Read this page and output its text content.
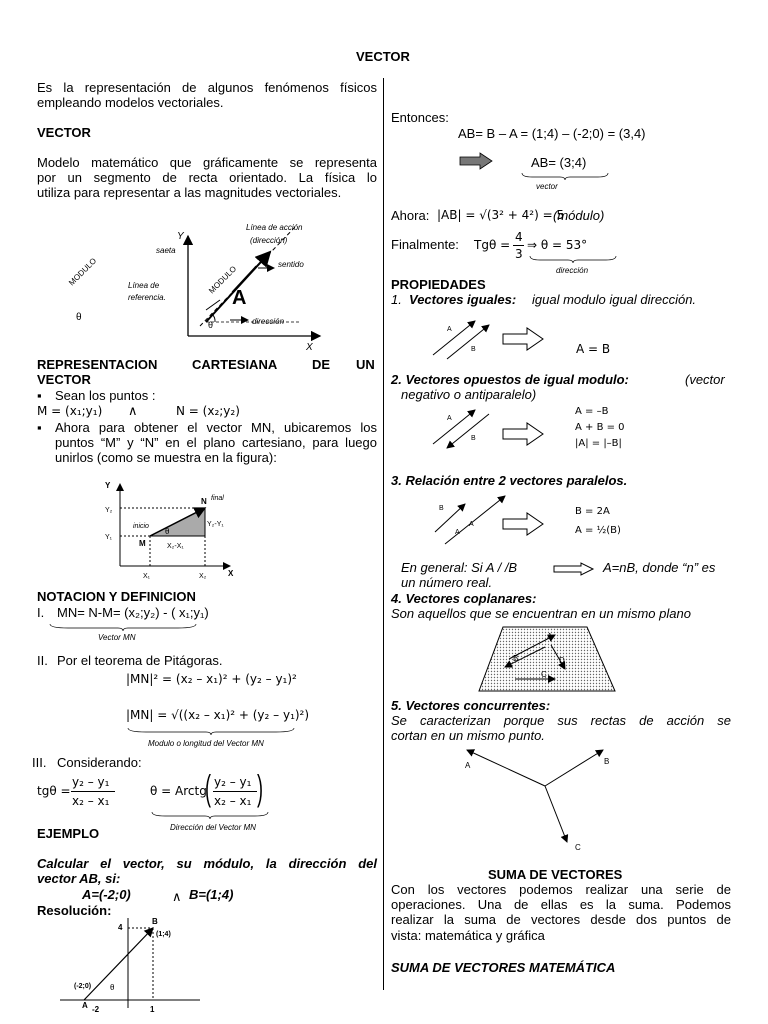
VECTOR
Es la representación de algunos fenómenos físicos
empleando modelos vectoriales.
VECTOR
Modelo matemático que gráficamente se representa
por un segmento de recta orientado. La física lo
utiliza para representar a las magnitudes vectoriales.
Y
X
saeta
Línea de acción
(dirección)
sentido
Línea de
referencia.
θ	dirección
A
MODULO
MODULO
θ
REPRESENTACION	CARTESIANA	DE UN
VECTOR
▪ Sean los puntos :
M = (x₁;y₁) ∧	N = (x₂;y₂)
▪ Ahora para obtener el vector MN, ubicaremos los
puntos “M” y “N” en el plano cartesiano, para luego
unirlos (como se muestra en la figura):
Y
X
N final
inicio
M
θ
Y₂
Y₁
X₁	X₂
Y₂-Y₁
X₂-X₁
NOTACION Y DEFINICION
I. MN= N-M= (x₂;y₂) - ( x₁;y₁)
Vector MN
II. Por el teorema de Pitágoras.
|MN|² = (x₂ – x₁)² + (y₂ – y₁)²
|MN| = √((x₂ – x₁)² + (y₂ – y₁)²)
Modulo o longitud del Vector MN
III. Considerando:
tgθ =
y₂ – y₁
x₂ – x₁
θ = Arctg
( y₂ – y₁
x₂ – x₁ )
Dirección del Vector MN
EJEMPLO
Calcular el vector, su módulo, la dirección del
vector AB, si:
A=(-2;0)	∧ B=(1;4)
Resolución:
B
(1;4)
4
A
(-2;0) θ
-2	1
Entonces:
AB= B – A = (1;4) – (-2;0) = (3,4)
AB= (3;4)
vector
Ahora: |AB| = √(3² + 4²) = 5
(módulo)
Finalmente: Tgθ =
4
3
⇒ θ = 53°
dirección
PROPIEDADES
1. Vectores iguales: igual modulo igual dirección.
A
B	A = B
2. Vectores opuestos de igual modulo:	(vector
negativo o antiparalelo)
A
B
A = –B
A + B = 0
|A| = |–B|
3. Relación entre 2 vectores paralelos.
B
A
A
B = 2A
A = ½(B)
En general: Si A / /B	A=nB, donde “n” es
un número real.
4. Vectores coplanares:
Son aquellos que se encuentran en un mismo plano
A
B
C
D
5. Vectores concurrentes:
Se caracterizan porque sus rectas de acción se
cortan en un mismo punto.
A	B
C
SUMA DE VECTORES
Con los vectores podemos realizar una serie de
operaciones. Una de ellas es la suma. Podemos
realizar la suma de vectores desde dos puntos de
vista: matemática y gráfica
SUMA DE VECTORES MATEMÁTICA
